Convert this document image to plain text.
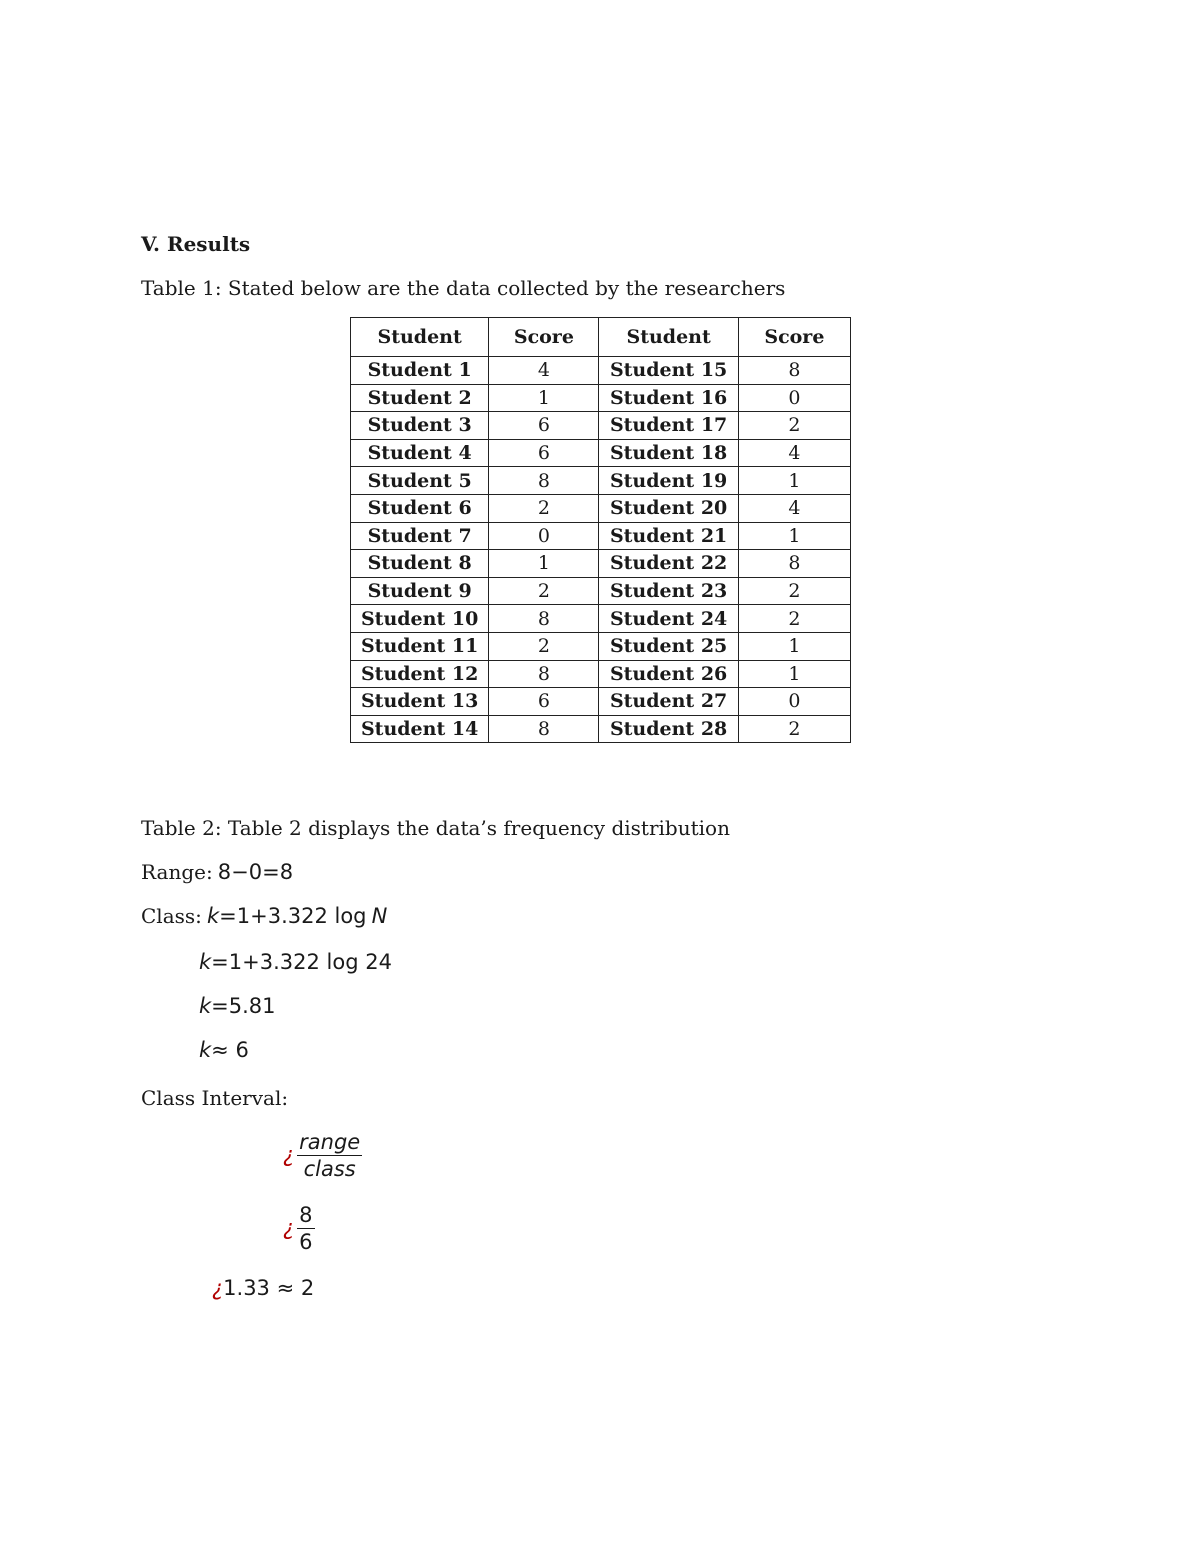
V. Results
Table 1: Stated below are the data collected by the researchers
Student	Score	Student	Score
Student 1	4	Student 15	8
Student 2	1	Student 16	0
Student 3	6	Student 17	2
Student 4	6	Student 18	4
Student 5	8	Student 19	1
Student 6	2	Student 20	4
Student 7	0	Student 21	1
Student 8	1	Student 22	8
Student 9	2	Student 23	2
Student 10	8	Student 24	2
Student 11	2	Student 25	1
Student 12	8	Student 26	1
Student 13	6	Student 27	0
Student 14	8	Student 28	2
Table 2: Table 2 displays the data’s frequency distribution
Range: 8−0=8
Class: k=1+3.322 log N
k=1+3.322 log 24
k=5.81
k≈ 6
Class Interval:
¿ $\frac{\text{range}}{\text{class}}$
¿ $\frac{8}{6}$
¿1.33 ≈ 2
